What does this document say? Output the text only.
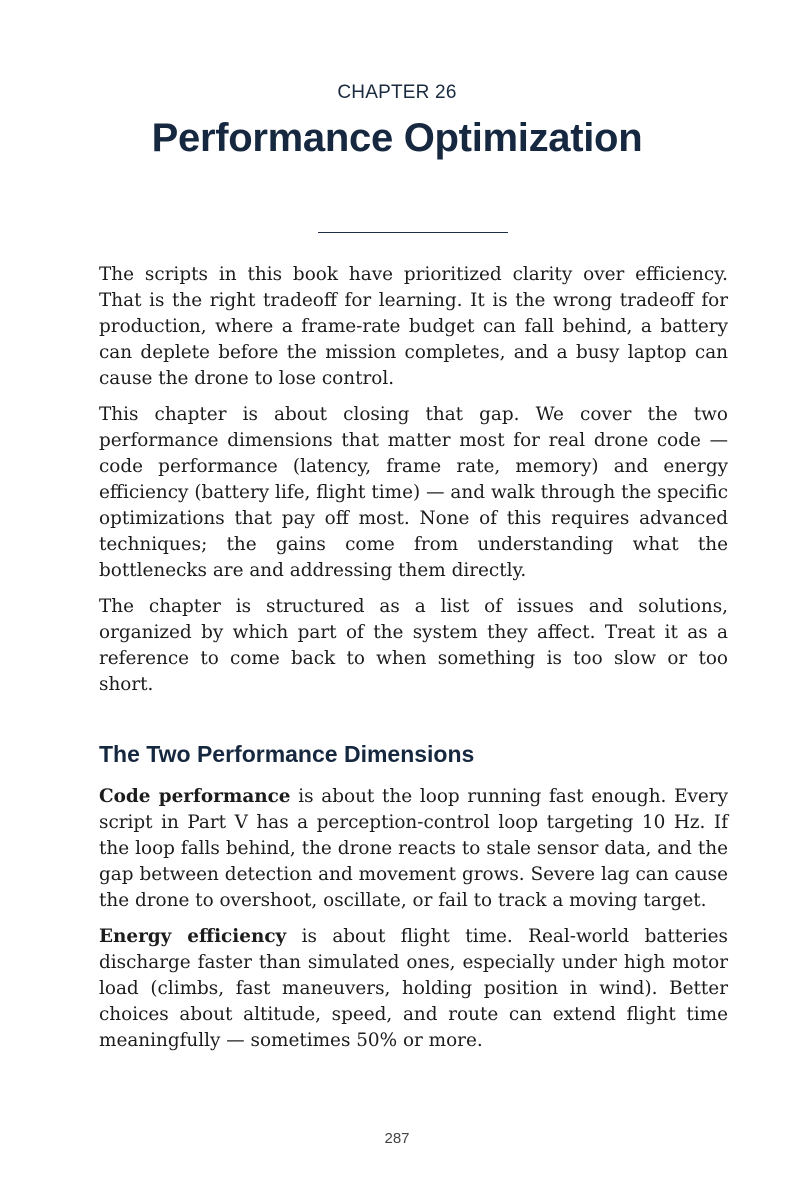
CHAPTER 26
Performance Optimization

The scripts in this book have prioritized clarity over efficiency. That is the right tradeoff for learning. It is the wrong tradeoff for production, where a frame-rate budget can fall behind, a battery can deplete before the mission completes, and a busy laptop can cause the drone to lose control.

This chapter is about closing that gap. We cover the two performance dimensions that matter most for real drone code — code performance (latency, frame rate, memory) and energy efficiency (battery life, flight time) — and walk through the specific optimizations that pay off most. None of this requires advanced techniques; the gains come from understanding what the bottlenecks are and addressing them directly.

The chapter is structured as a list of issues and solutions, organized by which part of the system they affect. Treat it as a reference to come back to when something is too slow or too short.

The Two Performance Dimensions

Code performance is about the loop running fast enough. Every script in Part V has a perception-control loop targeting 10 Hz. If the loop falls behind, the drone reacts to stale sensor data, and the gap between detection and movement grows. Severe lag can cause the drone to overshoot, oscillate, or fail to track a moving target.

Energy efficiency is about flight time. Real-world batteries discharge faster than simulated ones, especially under high motor load (climbs, fast maneuvers, holding position in wind). Better choices about altitude, speed, and route can extend flight time meaningfully — sometimes 50% or more.

287
